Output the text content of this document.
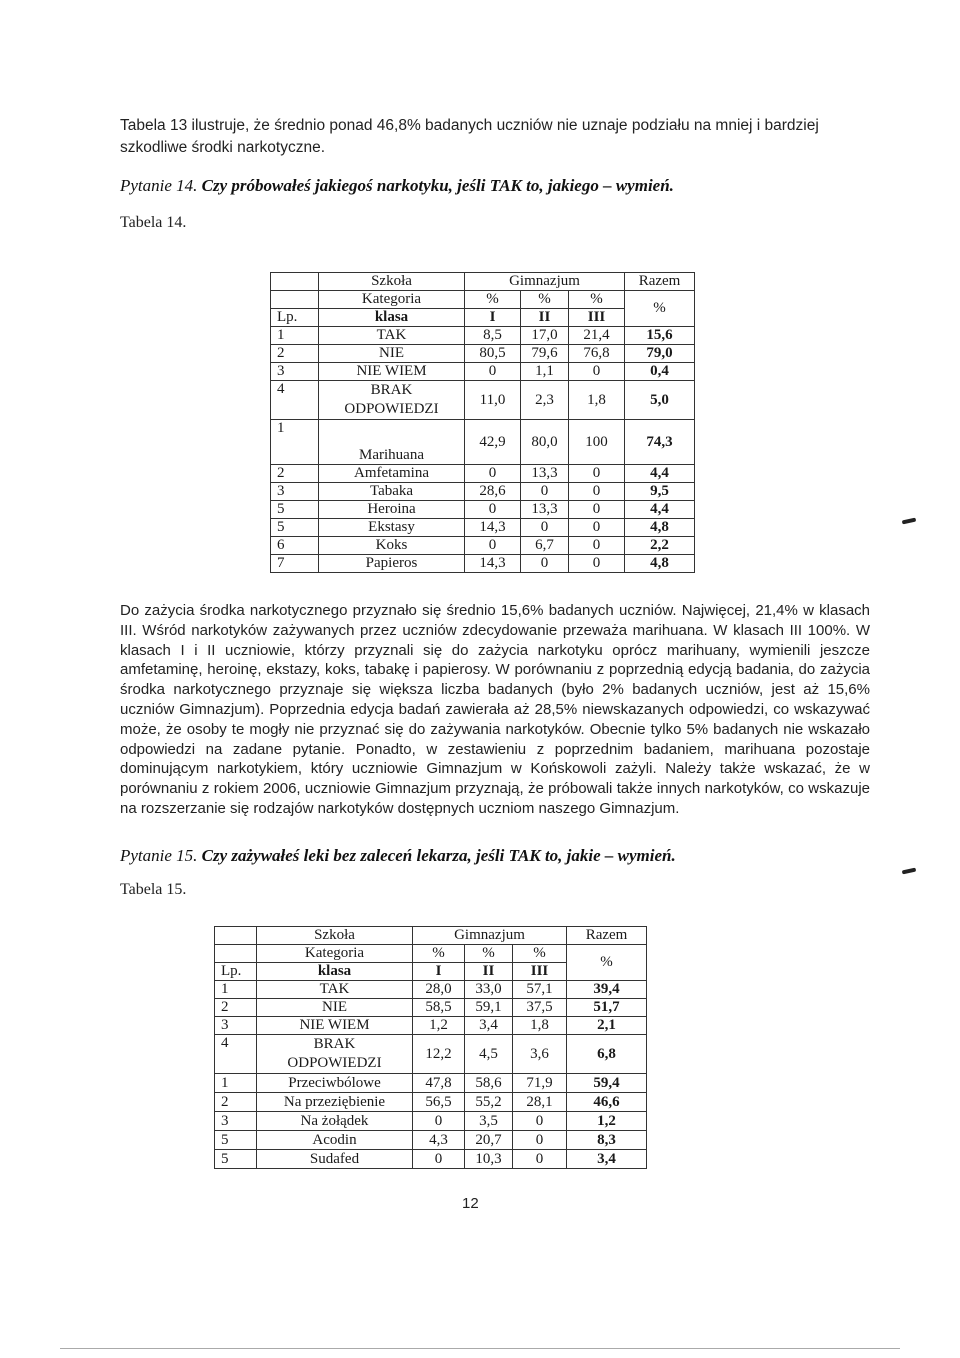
Tabela 13 ilustruje, że średnio ponad 46,8% badanych uczniów nie uznaje podziału na mniej i bardziej
szkodliwe środki narkotyczne.
Pytanie 14. Czy próbowałeś jakiegoś narkotyku, jeśli TAK to, jakiego – wymień.
Tabela 14.
	Szkoła	Gimnazjum			Razem
	Kategoria	%	%	%	%
Lp.	klasa	I	II	III	
1	TAK	8,5	17,0	21,4	15,6
2	NIE	80,5	79,6	76,8	79,0
3	NIE WIEM	0	1,1	0	0,4
4	BRAK ODPOWIEDZI	11,0	2,3	1,8	5,0
1	Marihuana	42,9	80,0	100	74,3
2	Amfetamina	0	13,3	0	4,4
3	Tabaka	28,6	0	0	9,5
5	Heroina	0	13,3	0	4,4
5	Ekstasy	14,3	0	0	4,8
6	Koks	0	6,7	0	2,2
7	Papieros	14,3	0	0	4,8
Do zażycia środka narkotycznego przyznało się średnio 15,6% badanych uczniów. Najwięcej, 21,4% w klasach III. Wśród narkotyków zażywanych przez uczniów zdecydowanie przeważa marihuana. W klasach III 100%. W klasach I i II uczniowie, którzy przyznali się do zażycia narkotyku oprócz marihuany, wymienili jeszcze amfetaminę, heroinę, ekstazy, koks, tabakę i papierosy. W porównaniu z poprzednią edycją badania, do zażycia środka narkotycznego przyznaje się większa liczba badanych (było 2% badanych uczniów, jest aż 15,6% uczniów Gimnazjum). Poprzednia edycja badań zawierała aż 28,5% niewskazanych odpowiedzi, co wskazywać może, że osoby te mogły nie przyznać się do zażywania narkotyków. Obecnie tylko 5% badanych nie wskazało odpowiedzi na zadane pytanie. Ponadto, w zestawieniu z poprzednim badaniem, marihuana pozostaje dominującym narkotykiem, który uczniowie Gimnazjum w Końskowoli zażyli. Należy także wskazać, że w porównaniu z rokiem 2006, uczniowie Gimnazjum przyznają, że próbowali także innych narkotyków, co wskazuje na rozszerzanie się rodzajów narkotyków dostępnych uczniom naszego Gimnazjum.
Pytanie 15. Czy zażywałeś leki bez zaleceń lekarza, jeśli TAK to, jakie – wymień.
Tabela 15.
	Szkoła	Gimnazjum			Razem
	Kategoria	%	%	%	%
Lp.	klasa	I	II	III	
1	TAK	28,0	33,0	57,1	39,4
2	NIE	58,5	59,1	37,5	51,7
3	NIE WIEM	1,2	3,4	1,8	2,1
4	BRAK ODPOWIEDZI	12,2	4,5	3,6	6,8
1	Przeciwbólowe	47,8	58,6	71,9	59,4
2	Na przeziębienie	56,5	55,2	28,1	46,6
3	Na żołądek	0	3,5	0	1,2
5	Acodin	4,3	20,7	0	8,3
5	Sudafed	0	10,3	0	3,4
12
